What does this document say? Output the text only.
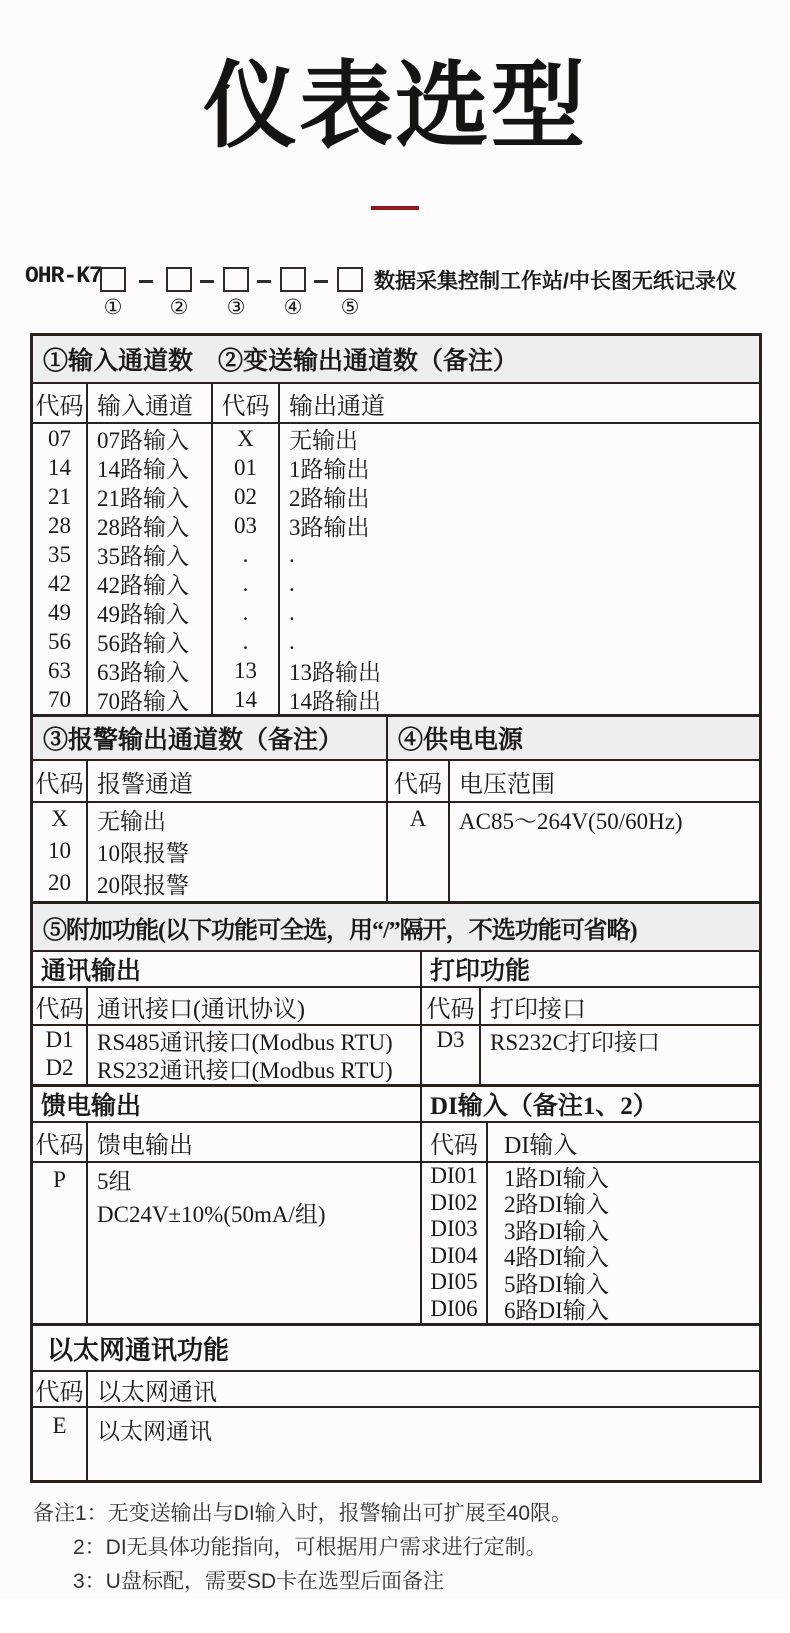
仪表选型
OHR-K7
① ② ③ ④ ⑤
数据采集控制工作站/中长图无纸记录仪
①输入通道数　②变送输出通道数（备注）
代码 输入通道	代码 输出通道
07	07路输入	X	无输出
14	14路输入	01	1路输出
21	21路输入	02	2路输出
28	28路输入	03	3路输出
35	35路输入	.	.
42	42路输入	.	.
49	49路输入	.	.
56	56路输入	.	.
63	63路输入	13	13路输出
70	70路输入	14	14路输出
③报警输出通道数（备注）
代码 报警通道
X	无输出
10	10限报警
20	20限报警
④供电电源
代码 电压范围
A	AC85～264V(50/60Hz)
⑤附加功能(以下功能可全选，用“/”隔开，不选功能可省略)
通讯输出
代码 通讯接口(通讯协议)
D1	RS485通讯接口(Modbus RTU)
D2	RS232通讯接口(Modbus RTU)
打印功能
代码 打印接口
D3	RS232C打印接口
馈电输出
代码 馈电输出
P	5组
DC24V±10%(50mA/组)
DI输入（备注1、2）
代码	DI输入
DI01	1路DI输入
DI02	2路DI输入
DI03	3路DI输入
DI04	4路DI输入
DI05	5路DI输入
DI06	6路DI输入
以太网通讯功能
代码 以太网通讯
E	以太网通讯
备注1：无变送输出与DI输入时，报警输出可扩展至40限。
2：DI无具体功能指向，可根据用户需求进行定制。
3：U盘标配，需要SD卡在选型后面备注
